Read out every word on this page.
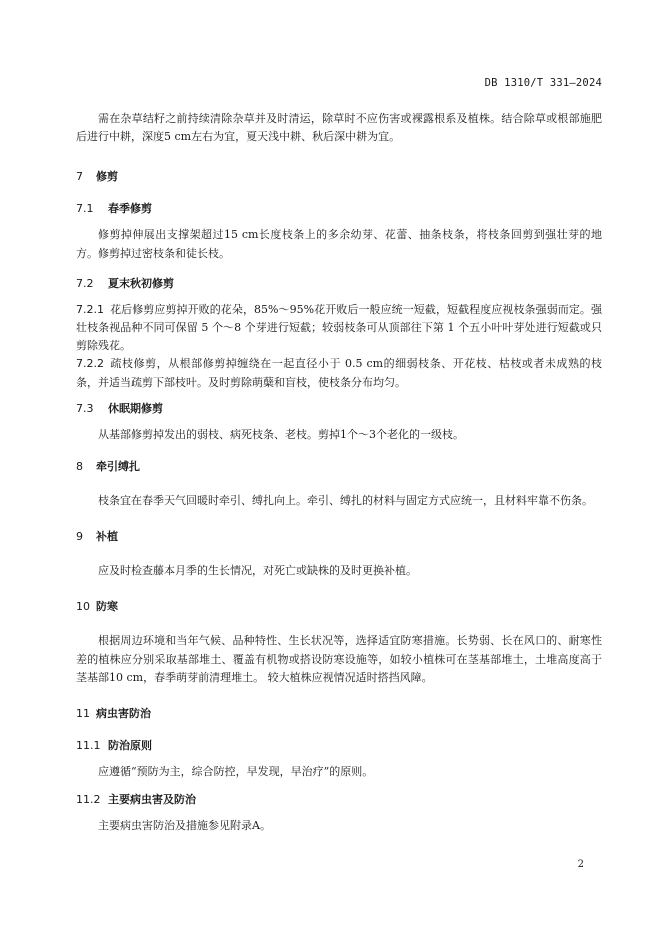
DB 1310/T 331—2024

需在杂草结籽之前持续清除杂草并及时清运，除草时不应伤害或裸露根系及植株。结合除草或根部施肥后进行中耕，深度5 cm左右为宜，夏天浅中耕、秋后深中耕为宜。

7 修剪
7.1 春季修剪

修剪掉伸展出支撑架超过15 cm长度枝条上的多余幼芽、花蕾、抽条枝条，将枝条回剪到强壮芽的地方。修剪掉过密枝条和徒长枝。

7.2 夏末秋初修剪

7.2.1 花后修剪应剪掉开败的花朵，85%～95%花开败后一般应统一短截，短截程度应视枝条强弱而定。强壮枝条视品种不同可保留 5 个～8 个芽进行短截；较弱枝条可从顶部往下第 1 个五小叶叶芽处进行短截或只剪除残花。

7.2.2 疏枝修剪，从根部修剪掉缠绕在一起直径小于 0.5 cm的细弱枝条、开花枝、枯枝或者未成熟的枝条，并适当疏剪下部枝叶。及时剪除萌蘖和盲枝，使枝条分布均匀。

7.3 休眠期修剪

从基部修剪掉发出的弱枝、病死枝条、老枝。剪掉1个～3个老化的一级枝。

8 牵引缚扎

枝条宜在春季天气回暖时牵引、缚扎向上。牵引、缚扎的材料与固定方式应统一，且材料牢靠不伤条。

9 补植

应及时检查藤本月季的生长情况，对死亡或缺株的及时更换补植。

10 防寒

根据周边环境和当年气候、品种特性、生长状况等，选择适宜防寒措施。长势弱、长在风口的、耐寒性差的植株应分别采取基部堆土、覆盖有机物或搭设防寒设施等，如较小植株可在茎基部堆土，土堆高度高于茎基部10 cm，春季萌芽前清理堆土。 较大植株应视情况适时搭挡风障。

11 病虫害防治
11.1 防治原则

应遵循“预防为主，综合防控，早发现，早治疗”的原则。

11.2 主要病虫害及防治

主要病虫害防治及措施参见附录A。

2
